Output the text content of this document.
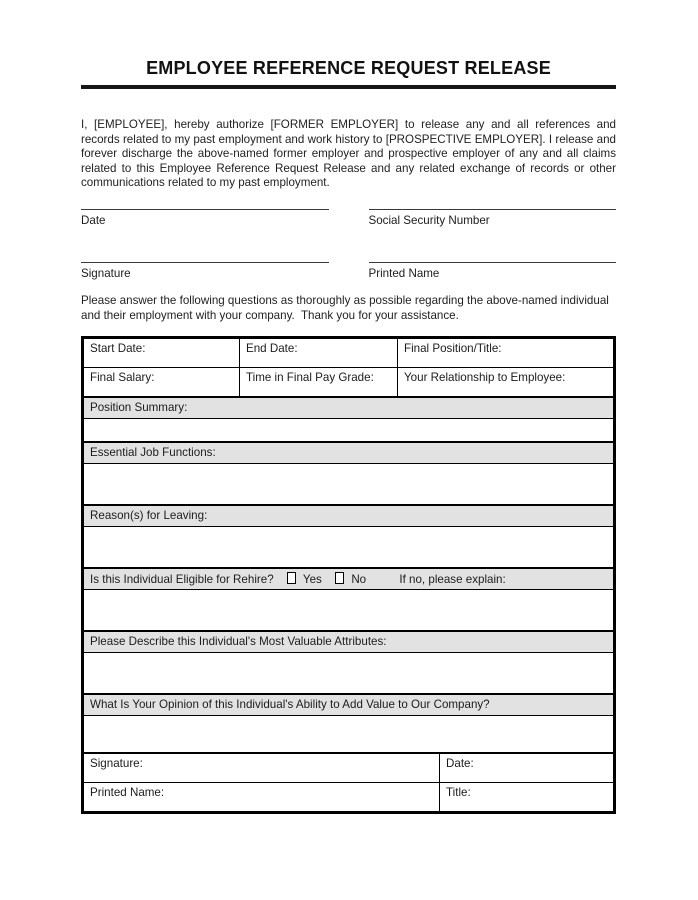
EMPLOYEE REFERENCE REQUEST RELEASE

I, [EMPLOYEE], hereby authorize [FORMER EMPLOYER] to release any and all references and records related to my past employment and work history to [PROSPECTIVE EMPLOYER]. I release and forever discharge the above-named former employer and prospective employer of any and all claims related to this Employee Reference Request Release and any related exchange of records or other communications related to my past employment.

Date	Social Security Number
Signature	Printed Name

Please answer the following questions as thoroughly as possible regarding the above-named individual and their employment with your company.  Thank you for your assistance.

Start Date:	End Date:	Final Position/Title:
Final Salary:	Time in Final Pay Grade:	Your Relationship to Employee:
Position Summary:
Essential Job Functions:
Reason(s) for Leaving:
Is this Individual Eligible for Rehire?	Yes	No	If no, please explain:
Please Describe this Individual's Most Valuable Attributes:
What Is Your Opinion of this Individual's Ability to Add Value to Our Company?
Signature:	Date:
Printed Name:	Title:
